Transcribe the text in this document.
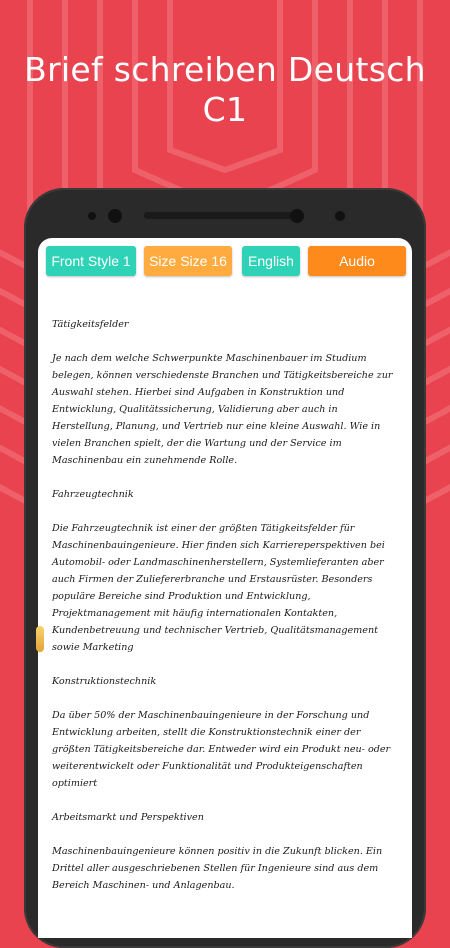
Brief schreiben Deutsch
C1
Front Style 1	Size Size 16	English	Audio

Tätigkeitsfelder

Je nach dem welche Schwerpunkte Maschinenbauer im Studium belegen, können verschiedenste Branchen und Tätigkeitsbereiche zur Auswahl stehen. Hierbei sind Aufgaben in Konstruktion und Entwicklung, Qualitätssicherung, Validierung aber auch in Herstellung, Planung, und Vertrieb nur eine kleine Auswahl. Wie in vielen Branchen spielt, der die Wartung und der Service im Maschinenbau ein zunehmende Rolle.

Fahrzeugtechnik

Die Fahrzeugtechnik ist einer der größten Tätigkeitsfelder für Maschinenbauingenieure. Hier finden sich Karriereperspektiven bei Automobil- oder Landmaschinenherstellern, Systemlieferanten aber auch Firmen der Zuliefererbranche und Erstausrüster. Besonders populäre Bereiche sind Produktion und Entwicklung, Projektmanagement mit häufig internationalen Kontakten, Kundenbetreuung und technischer Vertrieb, Qualitätsmanagement sowie Marketing

Konstruktionstechnik

Da über 50% der Maschinenbauingenieure in der Forschung und Entwicklung arbeiten, stellt die Konstruktionstechnik einer der größten Tätigkeitsbereiche dar. Entweder wird ein Produkt neu- oder weiterentwickelt oder Funktionalität und Produkteigenschaften optimiert

Arbeitsmarkt und Perspektiven

Maschinenbauingenieure können positiv in die Zukunft blicken. Ein Drittel aller ausgeschriebenen Stellen für Ingenieure sind aus dem Bereich Maschinen- und Anlagenbau.
